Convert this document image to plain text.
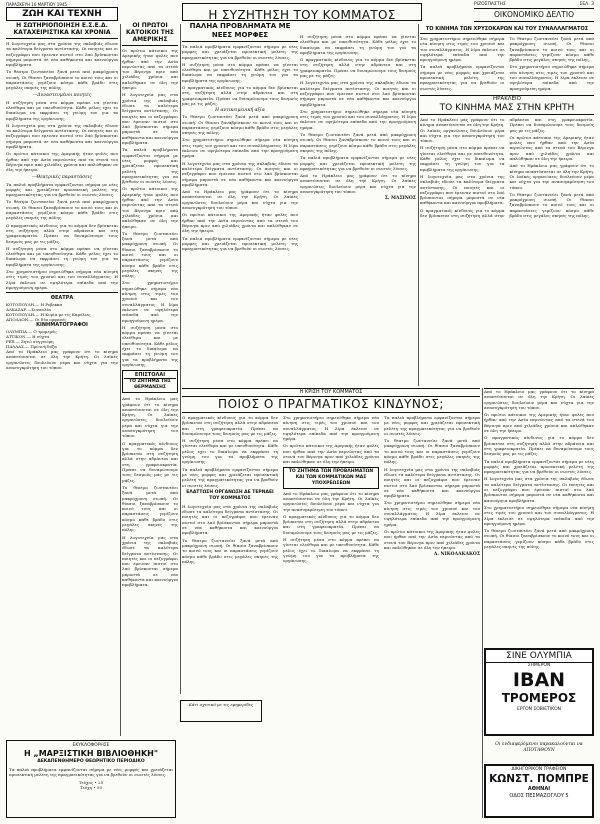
ΠΑΡΑΣΚΕΥΗ 16 ΜΑΡΤΙΟΥ 1945
ΖΩΗ ΚΑΙ ΤΕΧΝΗ	Η ΣΥΖΗΤΗΣΗ ΤΟΥ ΚΟΜΜΑΤΟΣ
ΡΙΖΟΣΠΑΣΤΗΣ	ΣΕΛ. 3
ΟΙΚΟΝΟΜΙΚΟ ΔΕΛΤΙΟ
Η ΣΩΤΗΡΙΟΠΟΙΗΣΗ Ε.Σ.Ε.Δ. ΚΑΤΑΧΕΙΡΙΣΤΙΚΑ ΚΑΙ ΧΡΟΝΙΑ

Η λογοτεχνία μας στα χρόνια της σκλαβιάς έδωσε τα καλύτερα δείγματα αντίστασης. Οι ποιητές και οι πεζογράφοι που έμειναν πιστοί στο λαό βρίσκονται σήμερα μπροστά σε νέα καθήκοντα και καινούργια προβλήματα.

Το θέατρο ζωντανεύει ξανά μετά από μακρόχρονη σιωπή. Οι θίασοι ξαναβρίσκουν το κοινό τους και οι παραστάσεις γεμίζουν κόσμο κάθε βράδυ στις μεγάλες σκηνές της πόλης.

—Δυναστευμένοι ποιητές

Η συζήτηση μέσα στο κόμμα πρέπει να γίνεται ελεύθερα και με υπευθυνότητα. Κάθε μέλος έχει το δικαίωμα να εκφράσει τη γνώμη του για τα προβλήματα της οργάνωσης.

Η λογοτεχνία μας στα χρόνια της σκλαβιάς έδωσε τα καλύτερα δείγματα αντίστασης. Οι ποιητές και οι πεζογράφοι που έμειναν πιστοί στο λαό βρίσκονται σήμερα μπροστά σε νέα καθήκοντα και καινούργια προβλήματα.

Οι πρώτοι κάτοικοι της Αμερικής ήταν φυλές που ήρθαν από την Ασία περνώντας από τα στενά του Βέρινγκ πριν από χιλιάδες χρόνια και απλώθηκαν σε όλη την ήπειρο.

—Θεατρικές παραστάσεις

Τα παλιά προβλήματα εμφανίζονται σήμερα με νέες μορφές και χρειάζεται προσεκτική μελέτη της πραγματικότητας για να βρεθούν οι σωστές λύσεις.

Το θέατρο ζωντανεύει ξανά μετά από μακρόχρονη σιωπή. Οι θίασοι ξαναβρίσκουν το κοινό τους και οι παραστάσεις γεμίζουν κόσμο κάθε βράδυ στις μεγάλες σκηνές της πόλης.

Ο πραγματικός κίνδυνος για το κόμμα δεν βρίσκεται στη συζήτηση αλλά στην αδράνεια και στη γραφειοκρατία. Πρέπει να δυναμώσουμε τους δεσμούς μας με τις μάζες.

Η συζήτηση μέσα στο κόμμα πρέπει να γίνεται ελεύθερα και με υπευθυνότητα. Κάθε μέλος έχει το δικαίωμα να εκφράσει τη γνώμη του για τα προβλήματα της οργάνωσης.

Στο χρηματιστήριο σημειώθηκε σήμερα νέα κίνηση στις τιμές του χρυσού και του συναλλάγματος. Η λίρα έκλεισε σε υψηλότερα επίπεδα από την προηγούμενη ημέρα.

ΘΕΑΤΡΑ
ΚΟΤΟΠΟΥΛΗ.— Η Ρεβεκκα
ΑΛΚΑΖΑΡ.—Συναυλία
ΚΟΤΟΠΟΥΛΗ.— Η Κυρία με τις Καμέλιες
ΑΠΟΛΛΩΝ.— Οι δύο ορφανές
ΚΙΝΗΜΑΤΟΓΡΑΦΟΙ
ΟΛΥΜΠΙΑ.— Ο τρομερός
ΑΤΤΙΚΟΝ.— Η νύχτα
ΡΕΞ.— Ζητώ συγγνώμη
ΠΑΛΛΑΣ.— Πρωινή δόξα

Από το Ηράκλειο μας γράφουν ότι το κίνημα αναπτύσσεται σε όλη την Κρήτη. Οι λαϊκές οργανώσεις δουλεύουν μέρα και νύχτα για την ανασυγκρότηση του τόπου.

ΕΚΥΚΛΟΦΟΡΗΣΕ
Η „ΜΑΡΞΙΣΤΙΚΗ ΒΙΒΛΙΟΘΗΚΗ"
ΔΕΚΑΠΕΝΘΗΜΕΡΟ ΘΕΩΡΗΤΙΚΟ ΠΕΡΙΟΔΙΚΟ

Τα παλιά προβλήματα εμφανίζονται σήμερα με νέες μορφές και χρειάζεται προσεκτική μελέτη της πραγματικότητας για να βρεθούν οι σωστές λύσεις.

Τεύχος • 25
Τεύχη • 50
ΟΙ ΠΡΩΤΟΙ ΚΑΤΟΙΚΟΙ ΤΗΣ ΑΜΕΡΙΚΗΣ

Οι πρώτοι κάτοικοι της Αμερικής ήταν φυλές που ήρθαν από την Ασία περνώντας από τα στενά του Βέρινγκ πριν από χιλιάδες χρόνια και απλώθηκαν σε όλη την ήπειρο.

Η λογοτεχνία μας στα χρόνια της σκλαβιάς έδωσε τα καλύτερα δείγματα αντίστασης. Οι ποιητές και οι πεζογράφοι που έμειναν πιστοί στο λαό βρίσκονται σήμερα μπροστά σε νέα καθήκοντα και καινούργια προβλήματα.

Τα παλιά προβλήματα εμφανίζονται σήμερα με νέες μορφές και χρειάζεται προσεκτική μελέτη της πραγματικότητας για να βρεθούν οι σωστές λύσεις.

Οι πρώτοι κάτοικοι της Αμερικής ήταν φυλές που ήρθαν από την Ασία περνώντας από τα στενά του Βέρινγκ πριν από χιλιάδες χρόνια και απλώθηκαν σε όλη την ήπειρο.

Το θέατρο ζωντανεύει ξανά μετά από μακρόχρονη σιωπή. Οι θίασοι ξαναβρίσκουν το κοινό τους και οι παραστάσεις γεμίζουν κόσμο κάθε βράδυ στις μεγάλες σκηνές της πόλης.

Στο χρηματιστήριο σημειώθηκε σήμερα νέα κίνηση στις τιμές του χρυσού και του συναλλάγματος. Η λίρα έκλεισε σε υψηλότερα επίπεδα από την προηγούμενη ημέρα.

Η συζήτηση μέσα στο κόμμα πρέπει να γίνεται ελεύθερα και με υπευθυνότητα. Κάθε μέλος έχει το δικαίωμα να εκφράσει τη γνώμη του για τα προβλήματα της οργάνωσης.

ΕΠΙΣΤΟΛΑΙ
ΤΟ ΖΗΤΗΜΑ ΤΗΣ ΘΕΡΜΑΝΣΗΣ

Από το Ηράκλειο μας γράφουν ότι το κίνημα αναπτύσσεται σε όλη την Κρήτη. Οι λαϊκές οργανώσεις δουλεύουν μέρα και νύχτα για την ανασυγκρότηση του τόπου.

Ο πραγματικός κίνδυνος για το κόμμα δεν βρίσκεται στη συζήτηση αλλά στην αδράνεια και στη γραφειοκρατία. Πρέπει να δυναμώσουμε τους δεσμούς μας με τις μάζες.

Το θέατρο ζωντανεύει ξανά μετά από μακρόχρονη σιωπή. Οι θίασοι ξαναβρίσκουν το κοινό τους και οι παραστάσεις γεμίζουν κόσμο κάθε βράδυ στις μεγάλες σκηνές της πόλης.

Η λογοτεχνία μας στα χρόνια της σκλαβιάς έδωσε τα καλύτερα δείγματα αντίστασης. Οι ποιητές και οι πεζογράφοι που έμειναν πιστοί στο λαό βρίσκονται σήμερα μπροστά σε νέα καθήκοντα και καινούργια προβλήματα.

Κάτι σχετικό με τις εφημερίδες
ΠΑΛΗΑ ΠΡΟΒΛΗΜΑΤΑ ΜΕ ΝΕΕΣ ΜΟΡΦΕΣ

Τα παλιά προβλήματα εμφανίζονται σήμερα με νέες μορφές και χρειάζεται προσεκτική μελέτη της πραγματικότητας για να βρεθούν οι σωστές λύσεις.

Η συζήτηση μέσα στο κόμμα πρέπει να γίνεται ελεύθερα και με υπευθυνότητα. Κάθε μέλος έχει το δικαίωμα να εκφράσει τη γνώμη του για τα προβλήματα της οργάνωσης.

Ο πραγματικός κίνδυνος για το κόμμα δεν βρίσκεται στη συζήτηση αλλά στην αδράνεια και στη γραφειοκρατία. Πρέπει να δυναμώσουμε τους δεσμούς μας με τις μάζες.

Η αντικειμενική αξία

Το θέατρο ζωντανεύει ξανά μετά από μακρόχρονη σιωπή. Οι θίασοι ξαναβρίσκουν το κοινό τους και οι παραστάσεις γεμίζουν κόσμο κάθε βράδυ στις μεγάλες σκηνές της πόλης.

Στο χρηματιστήριο σημειώθηκε σήμερα νέα κίνηση στις τιμές του χρυσού και του συναλλάγματος. Η λίρα έκλεισε σε υψηλότερα επίπεδα από την προηγούμενη ημέρα.

Η λογοτεχνία μας στα χρόνια της σκλαβιάς έδωσε τα καλύτερα δείγματα αντίστασης. Οι ποιητές και οι πεζογράφοι που έμειναν πιστοί στο λαό βρίσκονται σήμερα μπροστά σε νέα καθήκοντα και καινούργια προβλήματα.

Από το Ηράκλειο μας γράφουν ότι το κίνημα αναπτύσσεται σε όλη την Κρήτη. Οι λαϊκές οργανώσεις δουλεύουν μέρα και νύχτα για την ανασυγκρότηση του τόπου.

Οι πρώτοι κάτοικοι της Αμερικής ήταν φυλές που ήρθαν από την Ασία περνώντας από τα στενά του Βέρινγκ πριν από χιλιάδες χρόνια και απλώθηκαν σε όλη την ήπειρο.

Τα παλιά προβλήματα εμφανίζονται σήμερα με νέες μορφές και χρειάζεται προσεκτική μελέτη της πραγματικότητας για να βρεθούν οι σωστές λύσεις.

Η συζήτηση μέσα στο κόμμα πρέπει να γίνεται ελεύθερα και με υπευθυνότητα. Κάθε μέλος έχει το δικαίωμα να εκφράσει τη γνώμη του για τα προβλήματα της οργάνωσης.

Ο πραγματικός κίνδυνος για το κόμμα δεν βρίσκεται στη συζήτηση αλλά στην αδράνεια και στη γραφειοκρατία. Πρέπει να δυναμώσουμε τους δεσμούς μας με τις μάζες.

Η λογοτεχνία μας στα χρόνια της σκλαβιάς έδωσε τα καλύτερα δείγματα αντίστασης. Οι ποιητές και οι πεζογράφοι που έμειναν πιστοί στο λαό βρίσκονται σήμερα μπροστά σε νέα καθήκοντα και καινούργια προβλήματα.

Στο χρηματιστήριο σημειώθηκε σήμερα νέα κίνηση στις τιμές του χρυσού και του συναλλάγματος. Η λίρα έκλεισε σε υψηλότερα επίπεδα από την προηγούμενη ημέρα.

Το θέατρο ζωντανεύει ξανά μετά από μακρόχρονη σιωπή. Οι θίασοι ξαναβρίσκουν το κοινό τους και οι παραστάσεις γεμίζουν κόσμο κάθε βράδυ στις μεγάλες σκηνές της πόλης.

Τα παλιά προβλήματα εμφανίζονται σήμερα με νέες μορφές και χρειάζεται προσεκτική μελέτη της πραγματικότητας για να βρεθούν οι σωστές λύσεις.

Από το Ηράκλειο μας γράφουν ότι το κίνημα αναπτύσσεται σε όλη την Κρήτη. Οι λαϊκές οργανώσεις δουλεύουν μέρα και νύχτα για την ανασυγκρότηση του τόπου.

Σ. ΜΑΣΙΝΟΣ
Η ΚΡΙΣΗ ΤΟΥ ΚΟΜΜΑΤΟΣ
ΠΟΙΟΣ Ο ΠΡΑΓΜΑΤΙΚΟΣ ΚΙΝΔΥΝΟΣ;

Ο πραγματικός κίνδυνος για το κόμμα δεν βρίσκεται στη συζήτηση αλλά στην αδράνεια και στη γραφειοκρατία. Πρέπει να δυναμώσουμε τους δεσμούς μας με τις μάζες.

Η συζήτηση μέσα στο κόμμα πρέπει να γίνεται ελεύθερα και με υπευθυνότητα. Κάθε μέλος έχει το δικαίωμα να εκφράσει τη γνώμη του για τα προβλήματα της οργάνωσης.

Τα παλιά προβλήματα εμφανίζονται σήμερα με νέες μορφές και χρειάζεται προσεκτική μελέτη της πραγματικότητας για να βρεθούν οι σωστές λύσεις.

ΕΛΑΤΤΩΣΗ ΟΡΓΑΝΩΣΗ ΔΕ ΤΕΡΝΑΕΙ ΤΟΥ ΚΟΜΜΑΤΟΣ

Η λογοτεχνία μας στα χρόνια της σκλαβιάς έδωσε τα καλύτερα δείγματα αντίστασης. Οι ποιητές και οι πεζογράφοι που έμειναν πιστοί στο λαό βρίσκονται σήμερα μπροστά σε νέα καθήκοντα και καινούργια προβλήματα.

Το θέατρο ζωντανεύει ξανά μετά από μακρόχρονη σιωπή. Οι θίασοι ξαναβρίσκουν το κοινό τους και οι παραστάσεις γεμίζουν κόσμο κάθε βράδυ στις μεγάλες σκηνές της πόλης.

Στο χρηματιστήριο σημειώθηκε σήμερα νέα κίνηση στις τιμές του χρυσού και του συναλλάγματος. Η λίρα έκλεισε σε υψηλότερα επίπεδα από την προηγούμενη ημέρα.

Οι πρώτοι κάτοικοι της Αμερικής ήταν φυλές που ήρθαν από την Ασία περνώντας από τα στενά του Βέρινγκ πριν από χιλιάδες χρόνια και απλώθηκαν σε όλη την ήπειρο.

ΤΟ ΖΗΤΗΜΑ ΤΩΝ ΠΡΟΒΛΗΜΑΤΩΝ ΚΑΙ ΤΩΝ ΚΟΜΜΑΤΙΚΩΝ ΜΑΣ ΥΠΟΧΡΕΩΣΕΩΝ

Από το Ηράκλειο μας γράφουν ότι το κίνημα αναπτύσσεται σε όλη την Κρήτη. Οι λαϊκές οργανώσεις δουλεύουν μέρα και νύχτα για την ανασυγκρότηση του τόπου.

Ο πραγματικός κίνδυνος για το κόμμα δεν βρίσκεται στη συζήτηση αλλά στην αδράνεια και στη γραφειοκρατία. Πρέπει να δυναμώσουμε τους δεσμούς μας με τις μάζες.

Η συζήτηση μέσα στο κόμμα πρέπει να γίνεται ελεύθερα και με υπευθυνότητα. Κάθε μέλος έχει το δικαίωμα να εκφράσει τη γνώμη του για τα προβλήματα της οργάνωσης.

Τα παλιά προβλήματα εμφανίζονται σήμερα με νέες μορφές και χρειάζεται προσεκτική μελέτη της πραγματικότητας για να βρεθούν οι σωστές λύσεις.

Το θέατρο ζωντανεύει ξανά μετά από μακρόχρονη σιωπή. Οι θίασοι ξαναβρίσκουν το κοινό τους και οι παραστάσεις γεμίζουν κόσμο κάθε βράδυ στις μεγάλες σκηνές της πόλης.

Η λογοτεχνία μας στα χρόνια της σκλαβιάς έδωσε τα καλύτερα δείγματα αντίστασης. Οι ποιητές και οι πεζογράφοι που έμειναν πιστοί στο λαό βρίσκονται σήμερα μπροστά σε νέα καθήκοντα και καινούργια προβλήματα.

Στο χρηματιστήριο σημειώθηκε σήμερα νέα κίνηση στις τιμές του χρυσού και του συναλλάγματος. Η λίρα έκλεισε σε υψηλότερα επίπεδα από την προηγούμενη ημέρα.

Οι πρώτοι κάτοικοι της Αμερικής ήταν φυλές που ήρθαν από την Ασία περνώντας από τα στενά του Βέρινγκ πριν από χιλιάδες χρόνια και απλώθηκαν σε όλη την ήπειρο.

Δ. ΝΙΚΟΛΑΚΑΚΟΣ
ΤΟ ΚΙΝΗΜΑ ΤΩΝ ΧΡΥΣΟΚΑΡΩΝ ΚΑΙ ΤΟΥ ΣΥΝΑΛΛΑΓΜΑΤΟΣ

Στο χρηματιστήριο σημειώθηκε σήμερα νέα κίνηση στις τιμές του χρυσού και του συναλλάγματος. Η λίρα έκλεισε σε υψηλότερα επίπεδα από την προηγούμενη ημέρα.

Τα παλιά προβλήματα εμφανίζονται σήμερα με νέες μορφές και χρειάζεται προσεκτική μελέτη της πραγματικότητας για να βρεθούν οι σωστές λύσεις.

Το θέατρο ζωντανεύει ξανά μετά από μακρόχρονη σιωπή. Οι θίασοι ξαναβρίσκουν το κοινό τους και οι παραστάσεις γεμίζουν κόσμο κάθε βράδυ στις μεγάλες σκηνές της πόλης.

Στο χρηματιστήριο σημειώθηκε σήμερα νέα κίνηση στις τιμές του χρυσού και του συναλλάγματος. Η λίρα έκλεισε σε υψηλότερα επίπεδα από την προηγούμενη ημέρα.

ΗΡΑΚΛΕΙΟ
ΤΟ ΚΙΝΗΜΑ ΜΑΣ ΣΤΗΝ ΚΡΗΤΗ

Από το Ηράκλειο μας γράφουν ότι το κίνημα αναπτύσσεται σε όλη την Κρήτη. Οι λαϊκές οργανώσεις δουλεύουν μέρα και νύχτα για την ανασυγκρότηση του τόπου.

Η συζήτηση μέσα στο κόμμα πρέπει να γίνεται ελεύθερα και με υπευθυνότητα. Κάθε μέλος έχει το δικαίωμα να εκφράσει τη γνώμη του για τα προβλήματα της οργάνωσης.

Η λογοτεχνία μας στα χρόνια της σκλαβιάς έδωσε τα καλύτερα δείγματα αντίστασης. Οι ποιητές και οι πεζογράφοι που έμειναν πιστοί στο λαό βρίσκονται σήμερα μπροστά σε νέα καθήκοντα και καινούργια προβλήματα.

Ο πραγματικός κίνδυνος για το κόμμα δεν βρίσκεται στη συζήτηση αλλά στην αδράνεια και στη γραφειοκρατία. Πρέπει να δυναμώσουμε τους δεσμούς μας με τις μάζες.

Οι πρώτοι κάτοικοι της Αμερικής ήταν φυλές που ήρθαν από την Ασία περνώντας από τα στενά του Βέρινγκ πριν από χιλιάδες χρόνια και απλώθηκαν σε όλη την ήπειρο.

Από το Ηράκλειο μας γράφουν ότι το κίνημα αναπτύσσεται σε όλη την Κρήτη. Οι λαϊκές οργανώσεις δουλεύουν μέρα και νύχτα για την ανασυγκρότηση του τόπου.

Το θέατρο ζωντανεύει ξανά μετά από μακρόχρονη σιωπή. Οι θίασοι ξαναβρίσκουν το κοινό τους και οι παραστάσεις γεμίζουν κόσμο κάθε βράδυ στις μεγάλες σκηνές της πόλης.

Από το Ηράκλειο μας γράφουν ότι το κίνημα αναπτύσσεται σε όλη την Κρήτη. Οι λαϊκές οργανώσεις δουλεύουν μέρα και νύχτα για την ανασυγκρότηση του τόπου.

Οι πρώτοι κάτοικοι της Αμερικής ήταν φυλές που ήρθαν από την Ασία περνώντας από τα στενά του Βέρινγκ πριν από χιλιάδες χρόνια και απλώθηκαν σε όλη την ήπειρο.

Ο πραγματικός κίνδυνος για το κόμμα δεν βρίσκεται στη συζήτηση αλλά στην αδράνεια και στη γραφειοκρατία. Πρέπει να δυναμώσουμε τους δεσμούς μας με τις μάζες.

Τα παλιά προβλήματα εμφανίζονται σήμερα με νέες μορφές και χρειάζεται προσεκτική μελέτη της πραγματικότητας για να βρεθούν οι σωστές λύσεις.

Η λογοτεχνία μας στα χρόνια της σκλαβιάς έδωσε τα καλύτερα δείγματα αντίστασης. Οι ποιητές και οι πεζογράφοι που έμειναν πιστοί στο λαό βρίσκονται σήμερα μπροστά σε νέα καθήκοντα και καινούργια προβλήματα.

Στο χρηματιστήριο σημειώθηκε σήμερα νέα κίνηση στις τιμές του χρυσού και του συναλλάγματος. Η λίρα έκλεισε σε υψηλότερα επίπεδα από την προηγούμενη ημέρα.

Το θέατρο ζωντανεύει ξανά μετά από μακρόχρονη σιωπή. Οι θίασοι ξαναβρίσκουν το κοινό τους και οι παραστάσεις γεμίζουν κόσμο κάθε βράδυ στις μεγάλες σκηνές της πόλης.

ΣΙΝΕ ΟΛΥΜΠΙΑ
ΣΗΜΕΡΟΝ
ΙΒΑΝ
ΤΡΟΜΕΡΟΣ
ΕΡΓΟΝ ΣΟΒΙΕΤΙΚΟΝ
Οι ενδιαφερόμενοι παρακαλούνται να ΑΠΟΤΑΘΟΥΝ
ΔΙΚΗΓΟΡΙΚΟΝ ΓΡΑΦΕΙΟΝ
ΚΩΝΣΤ. ΠΟΜΠΡΕ
ΑΘΗΝΑΙ
ΟΔΟΣ ΠΕΣΜΑΖΟΓΛΟΥ 5
